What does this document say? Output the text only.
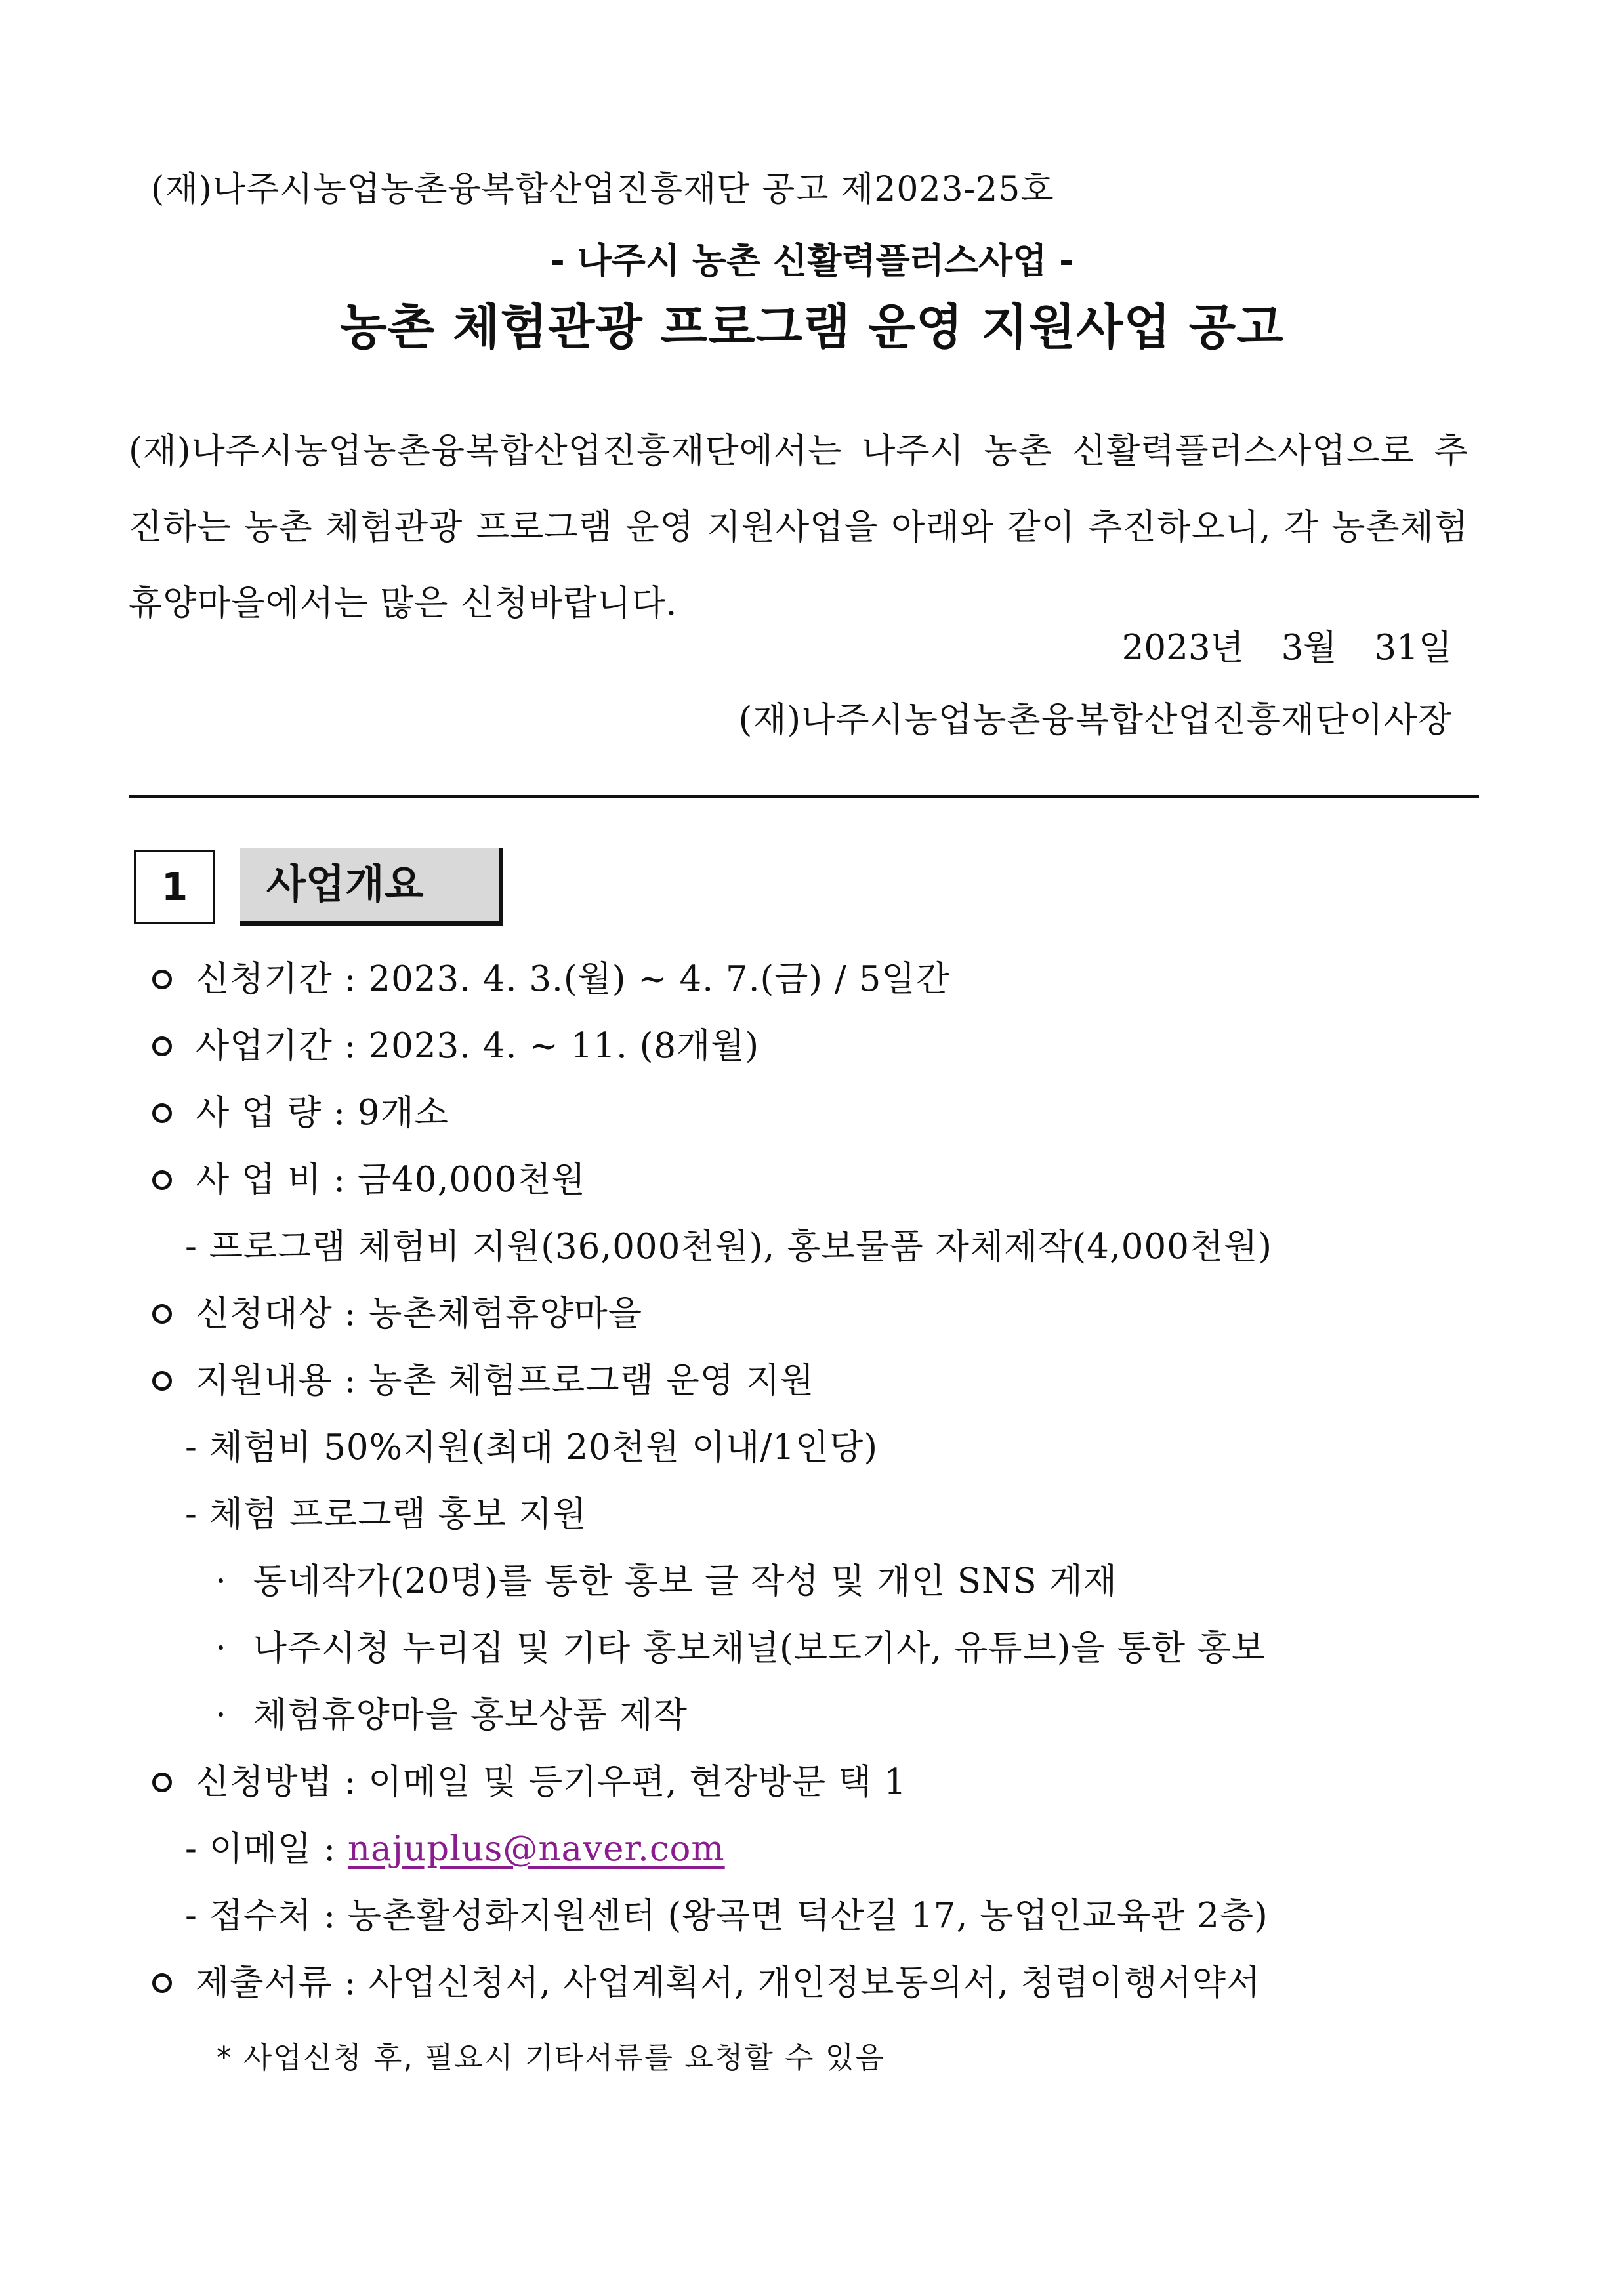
(재)나주시농업농촌융복합산업진흥재단 공고 제2023-25호
- 나주시 농촌 신활력플러스사업 -
농촌 체험관광 프로그램 운영 지원사업 공고
(재)나주시농업농촌융복합산업진흥재단에서는 나주시 농촌 신활력플러스사업으로 추진하는 농촌 체험관광 프로그램 운영 지원사업을 아래와 같이 추진하오니, 각 농촌체험휴양마을에서는 많은 신청바랍니다.
2023년 3월 31일
(재)나주시농업농촌융복합산업진흥재단이사장
1	사업개요
신청기간 : 2023. 4. 3.(월) ~ 4. 7.(금) / 5일간
사업기간 : 2023. 4. ~ 11. (8개월)
사 업 량 : 9개소
사 업 비 : 금40,000천원
- 프로그램 체험비 지원(36,000천원), 홍보물품 자체제작(4,000천원)
신청대상 : 농촌체험휴양마을
지원내용 : 농촌 체험프로그램 운영 지원
- 체험비 50%지원(최대 20천원 이내/1인당)
- 체험 프로그램 홍보 지원
· 동네작가(20명)를 통한 홍보 글 작성 및 개인 SNS 게재
· 나주시청 누리집 및 기타 홍보채널(보도기사, 유튜브)을 통한 홍보
· 체험휴양마을 홍보상품 제작
신청방법 : 이메일 및 등기우편, 현장방문 택 1
- 이메일 : najuplus@naver.com
- 접수처 : 농촌활성화지원센터 (왕곡면 덕산길 17, 농업인교육관 2층)
제출서류 : 사업신청서, 사업계획서, 개인정보동의서, 청렴이행서약서
* 사업신청 후, 필요시 기타서류를 요청할 수 있음
